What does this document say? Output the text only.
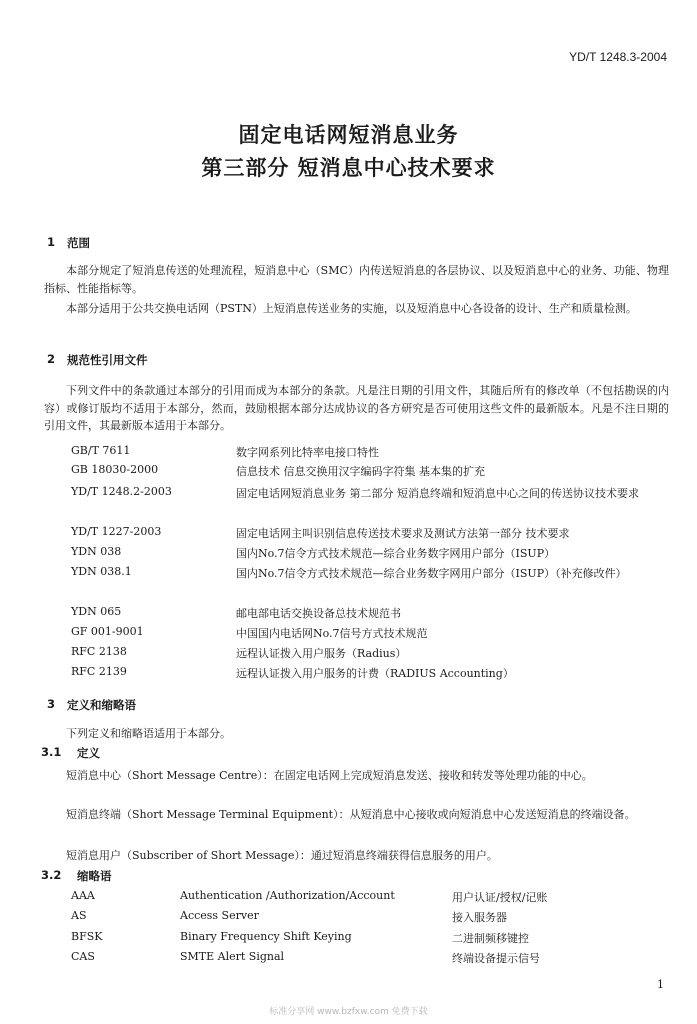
YD/T 1248.3-2004
固定电话网短消息业务
第三部分 短消息中心技术要求
1 范围
本部分规定了短消息传送的处理流程，短消息中心（SMC）内传送短消息的各层协议、以及短消息中心的业务、功能、物理指标、性能指标等。
本部分适用于公共交换电话网（PSTN）上短消息传送业务的实施，以及短消息中心各设备的设计、生产和质量检测。
2 规范性引用文件
下列文件中的条款通过本部分的引用而成为本部分的条款。凡是注日期的引用文件，其随后所有的修改单（不包括勘误的内容）或修订版均不适用于本部分，然而，鼓励根据本部分达成协议的各方研究是否可使用这些文件的最新版本。凡是不注日期的引用文件，其最新版本适用于本部分。
GB/T 7611	数字网系列比特率电接口特性
GB 18030-2000	信息技术 信息交换用汉字编码字符集 基本集的扩充
YD/T 1248.2-2003	固定电话网短消息业务 第二部分 短消息终端和短消息中心之间的传送协议技术要求
YD/T 1227-2003	固定电话网主叫识别信息传送技术要求及测试方法第一部分 技术要求
YDN 038	国内No.7信令方式技术规范—综合业务数字网用户部分（ISUP）
YDN 038.1	国内No.7信令方式技术规范—综合业务数字网用户部分（ISUP）（补充修改件）
YDN 065	邮电部电话交换设备总技术规范书
GF 001-9001	中国国内电话网No.7信号方式技术规范
RFC 2138	远程认证拨入用户服务（Radius）
RFC 2139	远程认证拨入用户服务的计费（RADIUS Accounting）
3 定义和缩略语
下列定义和缩略语适用于本部分。
3.1 定义
短消息中心（Short Message Centre）：在固定电话网上完成短消息发送、接收和转发等处理功能的中心。
短消息终端（Short Message Terminal Equipment）：从短消息中心接收或向短消息中心发送短消息的终端设备。
短消息用户（Subscriber of Short Message）：通过短消息终端获得信息服务的用户。
3.2 缩略语
AAA	Authentication /Authorization/Account	用户认证/授权/记账
AS	Access Server	接入服务器
BFSK	Binary Frequency Shift Keying	二进制频移键控
CAS	SMTE Alert Signal	终端设备提示信号
1
标准分享网 www.bzfxw.com 免费下载
